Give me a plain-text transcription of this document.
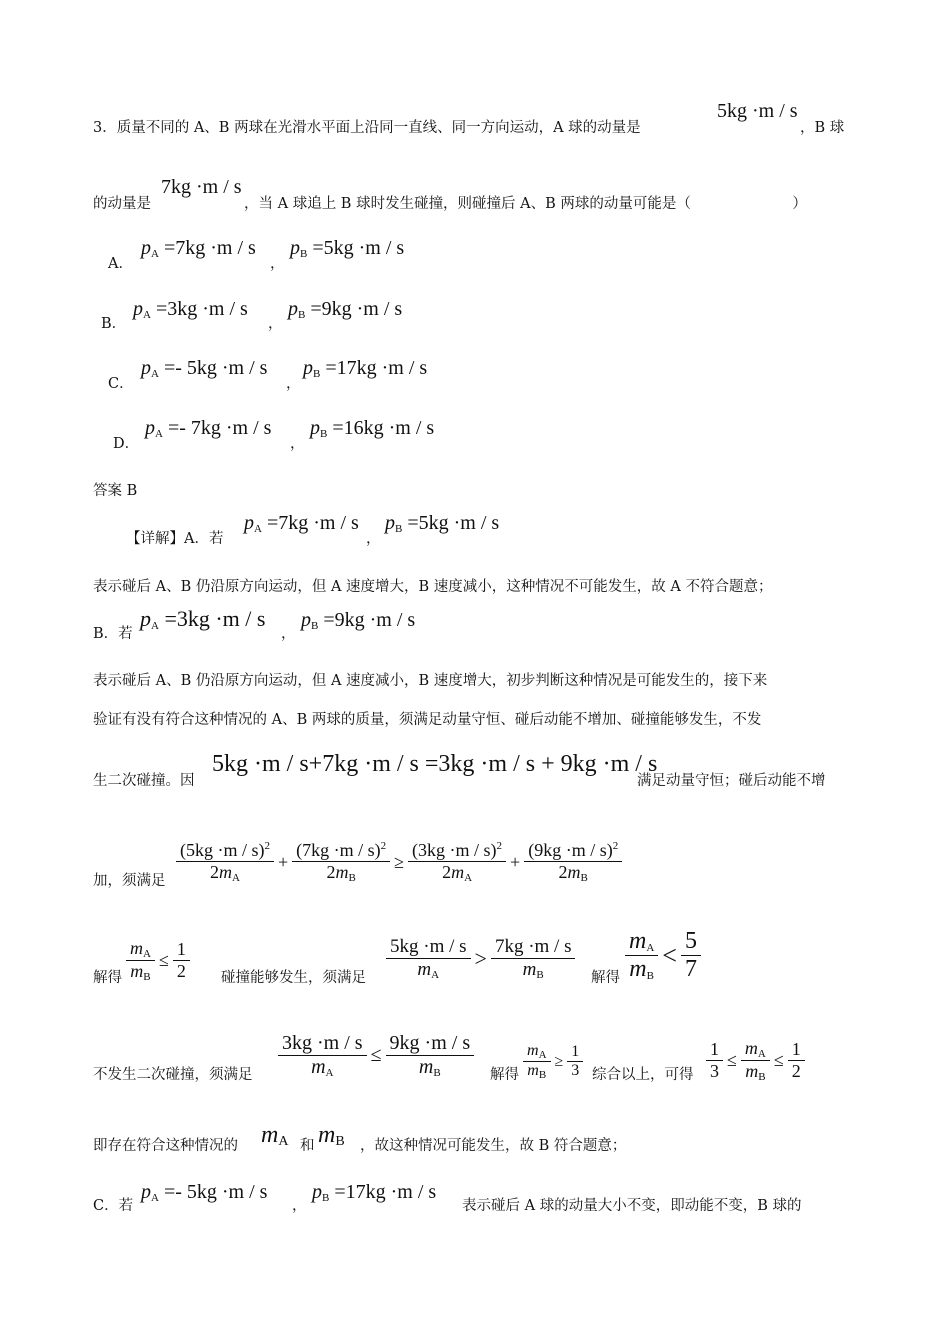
3．质量不同的 A、B 两球在光滑水平面上沿同一直线、同一方向运动，A 球的动量是
5kg ·m / s
，B 球
的动量是
7kg ·m / s
，当 A 球追上 B 球时发生碰撞，则碰撞后 A、B 两球的动量可能是（　　　　　　　）
A．
$p_A =7kg \cdot m / s$
，
$p_B =5kg \cdot m / s$
B．
$p_A =3kg \cdot m / s$
，
$p_B =9kg \cdot m / s$
C．
$p_A =- 5kg \cdot m / s$
，
$p_B =17kg \cdot m / s$
D．
$p_A =- 7kg \cdot m / s$
，
$p_B =16kg \cdot m / s$
答案 B
【详解】A．若
$p_A =7kg \cdot m / s$
，
$p_B =5kg \cdot m / s$
表示碰后 A、B 仍沿原方向运动，但 A 速度增大，B 速度减小，这种情况不可能发生，故 A 不符合题意；
B．若
$p_A =3kg \cdot m / s$
，
$p_B =9kg \cdot m / s$
表示碰后 A、B 仍沿原方向运动，但 A 速度减小，B 速度增大，初步判断这种情况是可能发生的，接下来
验证有没有符合这种情况的 A、B 两球的质量，须满足动量守恒、碰后动能不增加、碰撞能够发生，不发
生二次碰撞。因
5kg ·m / s+7kg ·m / s =3kg ·m / s + 9kg ·m / s
满足动量守恒；碰后动能不增
加，须满足 $\frac{(5kg \cdot m / s)^2}{2m_A} + \frac{(7kg \cdot m / s)^2}{2m_B} \ge \frac{(3kg \cdot m / s)^2}{2m_A} + \frac{(9kg \cdot m / s)^2}{2m_B}$
解得 $\frac{m_A}{m_B} \le \frac{1}{2}$ 碰撞能够发生，须满足 $\frac{5kg \cdot m / s}{m_A} > \frac{7kg \cdot m / s}{m_B}$ 解得 $\frac{m_A}{m_B} < \frac{5}{7}$
不发生二次碰撞，须满足 $\frac{3kg \cdot m / s}{m_A} \le \frac{9kg \cdot m / s}{m_B}$ 解得 $\frac{m_A}{m_B} \ge \frac{1}{3}$ 综合以上，可得 $\frac{1}{3} \le \frac{m_A}{m_B} \le \frac{1}{2}$
即存在符合这种情况的 $m_A$ 和 $m_B$ ，故这种情况可能发生，故 B 符合题意；
C．若
$p_A =- 5kg \cdot m / s$
，
$p_B =17kg \cdot m / s$
表示碰后 A 球的动量大小不变，即动能不变，B 球的
